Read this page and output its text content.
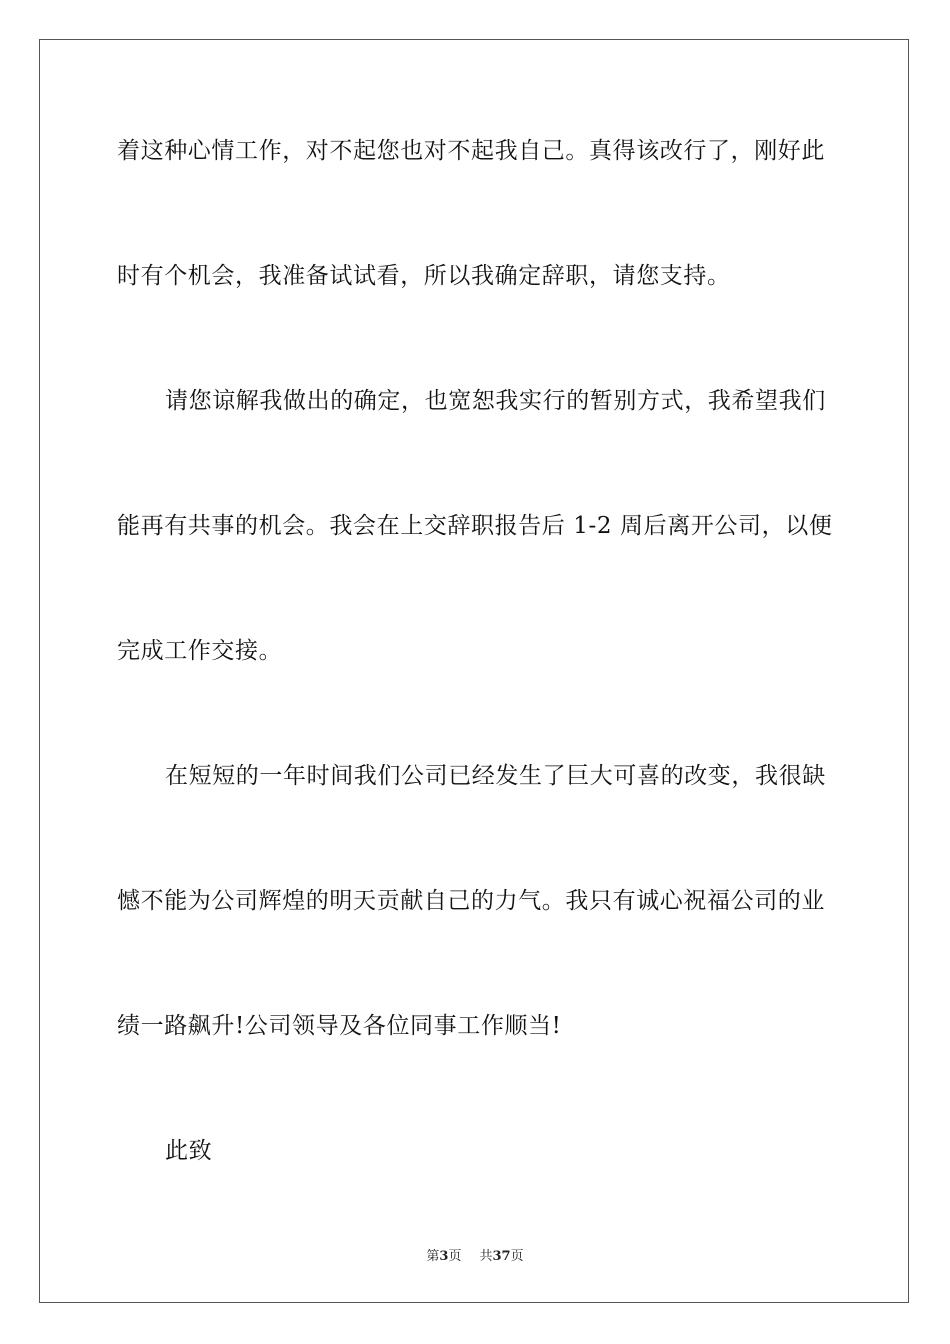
着这种心情工作，对不起您也对不起我自己。真得该改行了，刚好此
时有个机会，我准备试试看，所以我确定辞职，请您支持。
请您谅解我做出的确定，也宽恕我实行的暂别方式，我希望我们
能再有共事的机会。我会在上交辞职报告后 1-2 周后离开公司，以便
完成工作交接。
在短短的一年时间我们公司已经发生了巨大可喜的改变，我很缺
憾不能为公司辉煌的明天贡献自己的力气。我只有诚心祝福公司的业
绩一路飙升!公司领导及各位同事工作顺当!
此致
第3页 共37页
